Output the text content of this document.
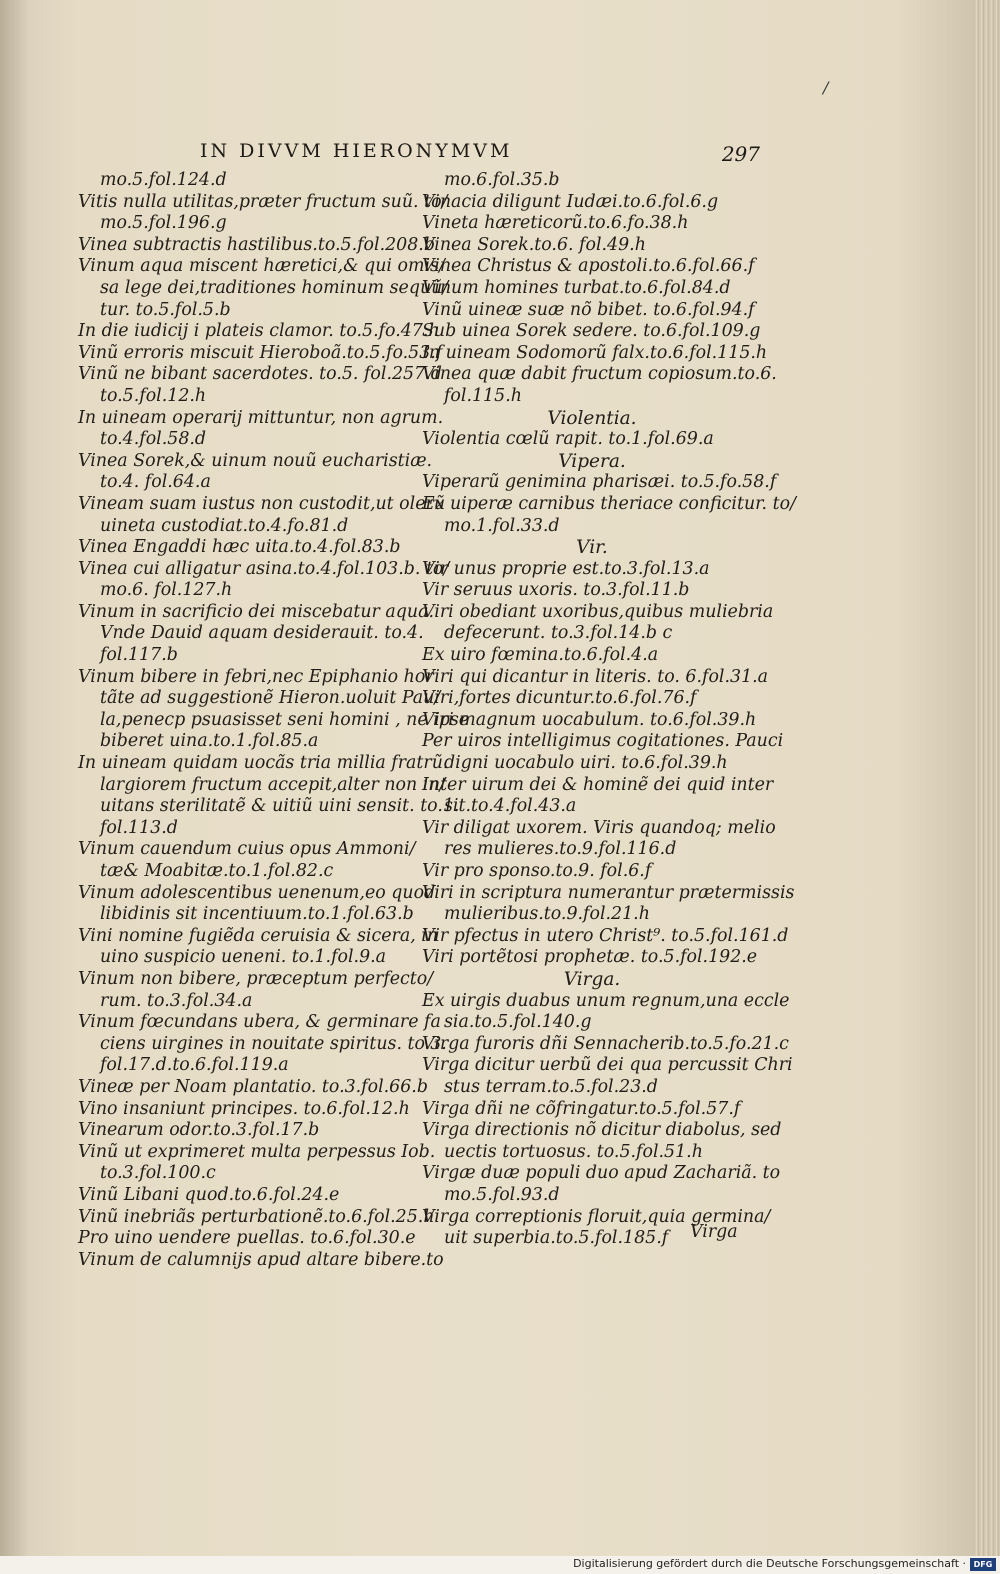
/
IN DIVVM HIERONYMVM	297
mo.5.fol.124.d
Vitis nulla utilitas,præter fructum suũ. to/
mo.5.fol.196.g
Vinea subtractis hastilibus.to.5.fol.208.b
Vinum aqua miscent hæretici,& qui omis/
sa lege dei,traditiones hominum sequũ/
tur. to.5.fol.5.b
In die iudicij i plateis clamor. to.5.fo.47.h
Vinũ erroris miscuit Hieroboã.to.5.fo.53.f
Vinũ ne bibant sacerdotes. to.5. fol.257.d
to.5.fol.12.h
In uineam operarij mittuntur, non agrum.
to.4.fol.58.d
Vinea Sorek,& uinum nouũ eucharistiæ.
to.4. fol.64.a
Vineam suam iustus non custodit,ut olerũ
uineta custodiat.to.4.fo.81.d
Vinea Engaddi hæc uita.to.4.fol.83.b
Vinea cui alligatur asina.to.4.fol.103.b. to/
mo.6. fol.127.h
Vinum in sacrificio dei miscebatur aqua.
Vnde Dauid aquam desiderauit. to.4.
fol.117.b
Vinum bibere in febri,nec Epiphanio hor
tãte ad suggestionẽ Hieron.uoluit Pau/
la,penecp psuasisset seni homini , ne ipse
biberet uina.to.1.fol.85.a
In uineam quidam uocãs tria millia fratrũ.
largiorem fructum accepit,alter non in/
uitans sterilitatẽ & uitiũ uini sensit. to.1.
fol.113.d
Vinum cauendum cuius opus Ammoni/
tæ& Moabitæ.to.1.fol.82.c
Vinum adolescentibus uenenum,eo quod
libidinis sit incentiuum.to.1.fol.63.b
Vini nomine fugiẽda ceruisia & sicera, in
uino suspicio ueneni. to.1.fol.9.a
Vinum non bibere, præceptum perfecto/
rum. to.3.fol.34.a
Vinum fœcundans ubera, & germinare fa
ciens uirgines in nouitate spiritus. to.3.
fol.17.d.to.6.fol.119.a
Vineæ per Noam plantatio. to.3.fol.66.b
Vino insaniunt principes. to.6.fol.12.h
Vinearum odor.to.3.fol.17.b
Vinũ ut exprimeret multa perpessus Iob.
to.3.fol.100.c
Vinũ Libani quod.to.6.fol.24.e
Vinũ inebriãs perturbationẽ.to.6.fol.25.h
Pro uino uendere puellas. to.6.fol.30.e
Vinum de calumnijs apud altare bibere.to
mo.6.fol.35.b
Vinacia diligunt Iudæi.to.6.fol.6.g
Vineta hæreticorũ.to.6.fo.38.h
Vinea Sorek.to.6. fol.49.h
Vinea Christus & apostoli.to.6.fol.66.f
Vinum homines turbat.to.6.fol.84.d
Vinũ uineæ suæ nõ bibet. to.6.fol.94.f
Sub uinea Sorek sedere. to.6.fol.109.g
In uineam Sodomorũ falx.to.6.fol.115.h
Vinea quæ dabit fructum copiosum.to.6.
fol.115.h
Violentia.
Violentia cœlũ rapit. to.1.fol.69.a
Vipera.
Viperarũ genimina pharisæi. to.5.fo.58.f
Ex uiperæ carnibus theriace conficitur. to/
mo.1.fol.33.d
Vir.
Vir unus proprie est.to.3.fol.13.a
Vir seruus uxoris. to.3.fol.11.b
Viri obediant uxoribus,quibus muliebria
defecerunt. to.3.fol.14.b c
Ex uiro fœmina.to.6.fol.4.a
Viri qui dicantur in literis. to. 6.fol.31.a
Viri,fortes dicuntur.to.6.fol.76.f
Viri magnum uocabulum. to.6.fol.39.h
Per uiros intelligimus cogitationes. Pauci
digni uocabulo uiri. to.6.fol.39.h
Inter uirum dei & hominẽ dei quid inter
sit.to.4.fol.43.a
Vir diligat uxorem. Viris quandoq; melio
res mulieres.to.9.fol.116.d
Vir pro sponso.to.9. fol.6.f
Viri in scriptura numerantur prætermissis
mulieribus.to.9.fol.21.h
Vir pfectus in utero Christ⁹. to.5.fol.161.d
Viri portẽtosi prophetæ. to.5.fol.192.e
Virga.
Ex uirgis duabus unum regnum,una eccle
sia.to.5.fol.140.g
Virga furoris dñi Sennacherib.to.5.fo.21.c
Virga dicitur uerbũ dei qua percussit Chri
stus terram.to.5.fol.23.d
Virga dñi ne cõfringatur.to.5.fol.57.f
Virga directionis nõ dicitur diabolus, sed
uectis tortuosus. to.5.fol.51.h
Virgæ duæ populi duo apud Zachariã. to
mo.5.fol.93.d
Virga correptionis floruit,quia germina/
uit superbia.to.5.fol.185.f	Virga
Digitalisierung gefördert durch die Deutsche Forschungsgemeinschaft · DFG
